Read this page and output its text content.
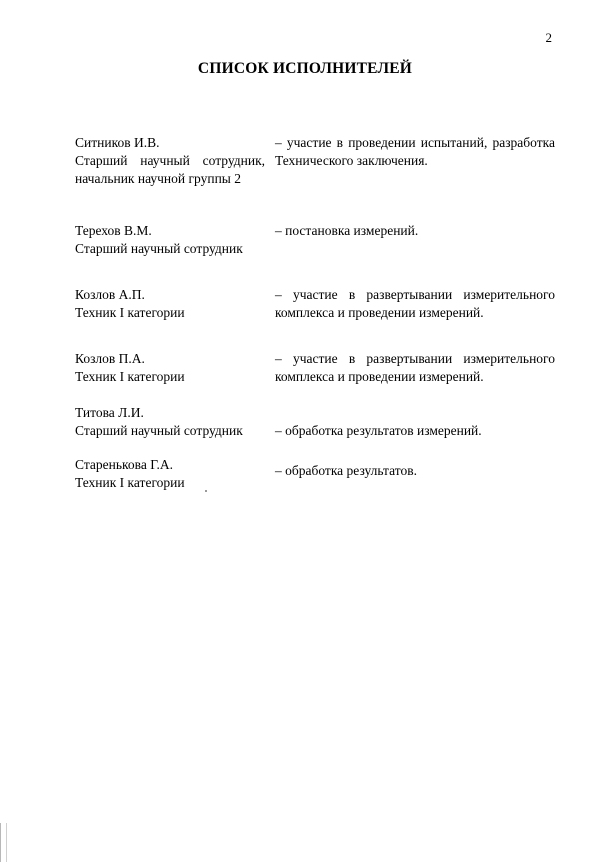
2
СПИСОК ИСПОЛНИТЕЛЕЙ
Ситников И.В.
Старший научный сотрудник, начальник научной группы 2
– участие в проведении испытаний, разработка Технического заключения.
Терехов В.М.
Старший научный сотрудник
– постановка измерений.
Козлов А.П.
Техник I категории
– участие в развертывании измерительного комплекса и проведении измерений.
Козлов П.А.
Техник I категории
– участие в развертывании измерительного комплекса и проведении измерений.
Титова Л.И.
Старший научный сотрудник	– обработка результатов измерений.
Старенькова Г.А.
Техник I категории
– обработка результатов.
